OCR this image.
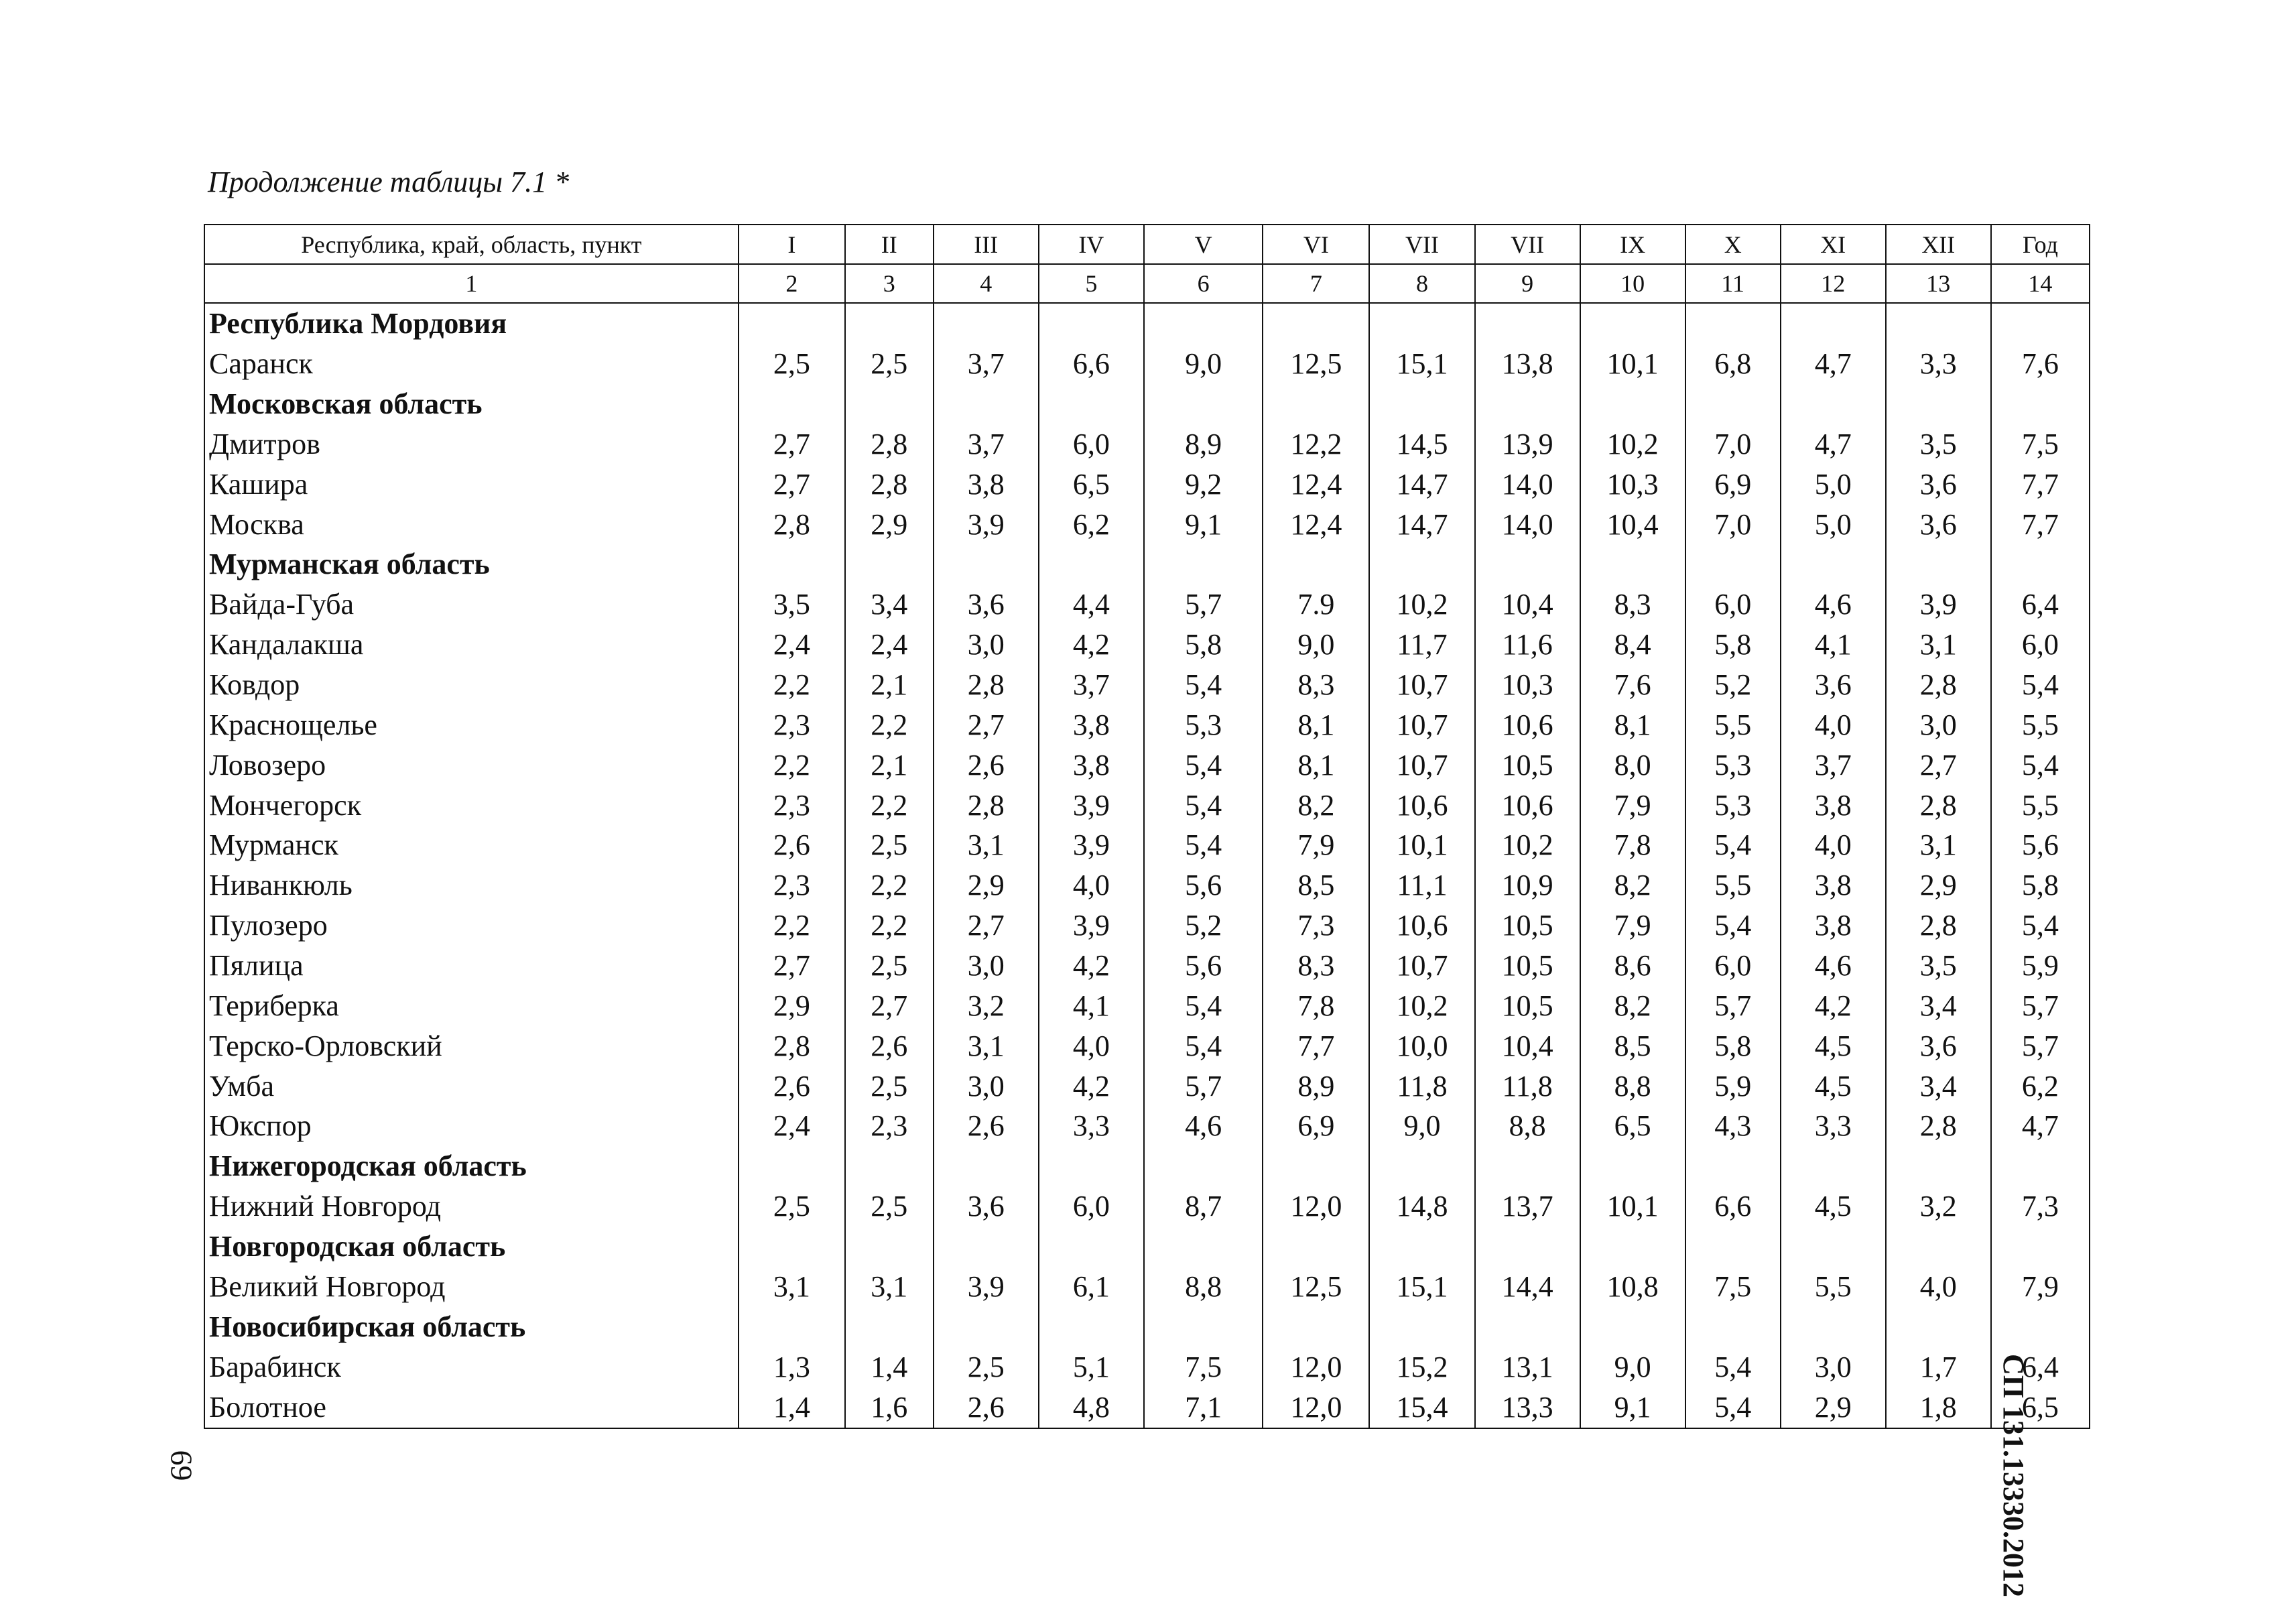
Продолжение таблицы 7.1 *
Республика, край, область, пункт	I	II	III	IV	V	VI	VII	VII	IX	X	XI	XII	Год
1	2	3	4	5	6	7	8	9	10	11	12	13	14
Республика Мордовия													
Саранск	2,5	2,5	3,7	6,6	9,0	12,5	15,1	13,8	10,1	6,8	4,7	3,3	7,6
Московская область													
Дмитров	2,7	2,8	3,7	6,0	8,9	12,2	14,5	13,9	10,2	7,0	4,7	3,5	7,5
Кашира	2,7	2,8	3,8	6,5	9,2	12,4	14,7	14,0	10,3	6,9	5,0	3,6	7,7
Москва	2,8	2,9	3,9	6,2	9,1	12,4	14,7	14,0	10,4	7,0	5,0	3,6	7,7
Мурманская область													
Вайда-Губа	3,5	3,4	3,6	4,4	5,7	7.9	10,2	10,4	8,3	6,0	4,6	3,9	6,4
Кандалакша	2,4	2,4	3,0	4,2	5,8	9,0	11,7	11,6	8,4	5,8	4,1	3,1	6,0
Ковдор	2,2	2,1	2,8	3,7	5,4	8,3	10,7	10,3	7,6	5,2	3,6	2,8	5,4
Краснощелье	2,3	2,2	2,7	3,8	5,3	8,1	10,7	10,6	8,1	5,5	4,0	3,0	5,5
Ловозеро	2,2	2,1	2,6	3,8	5,4	8,1	10,7	10,5	8,0	5,3	3,7	2,7	5,4
Мончегорск	2,3	2,2	2,8	3,9	5,4	8,2	10,6	10,6	7,9	5,3	3,8	2,8	5,5
Мурманск	2,6	2,5	3,1	3,9	5,4	7,9	10,1	10,2	7,8	5,4	4,0	3,1	5,6
Ниванкюль	2,3	2,2	2,9	4,0	5,6	8,5	11,1	10,9	8,2	5,5	3,8	2,9	5,8
Пулозеро	2,2	2,2	2,7	3,9	5,2	7,3	10,6	10,5	7,9	5,4	3,8	2,8	5,4
Пялица	2,7	2,5	3,0	4,2	5,6	8,3	10,7	10,5	8,6	6,0	4,6	3,5	5,9
Териберка	2,9	2,7	3,2	4,1	5,4	7,8	10,2	10,5	8,2	5,7	4,2	3,4	5,7
Терско-Орловский	2,8	2,6	3,1	4,0	5,4	7,7	10,0	10,4	8,5	5,8	4,5	3,6	5,7
Умба	2,6	2,5	3,0	4,2	5,7	8,9	11,8	11,8	8,8	5,9	4,5	3,4	6,2
Юкспор	2,4	2,3	2,6	3,3	4,6	6,9	9,0	8,8	6,5	4,3	3,3	2,8	4,7
Нижегородская область													
Нижний Новгород	2,5	2,5	3,6	6,0	8,7	12,0	14,8	13,7	10,1	6,6	4,5	3,2	7,3
Новгородская область													
Великий Новгород	3,1	3,1	3,9	6,1	8,8	12,5	15,1	14,4	10,8	7,5	5,5	4,0	7,9
Новосибирская область													
Барабинск	1,3	1,4	2,5	5,1	7,5	12,0	15,2	13,1	9,0	5,4	3,0	1,7	6,4
Болотное	1,4	1,6	2,6	4,8	7,1	12,0	15,4	13,3	9,1	5,4	2,9	1,8	6,5
69	СП 131.13330.2012
